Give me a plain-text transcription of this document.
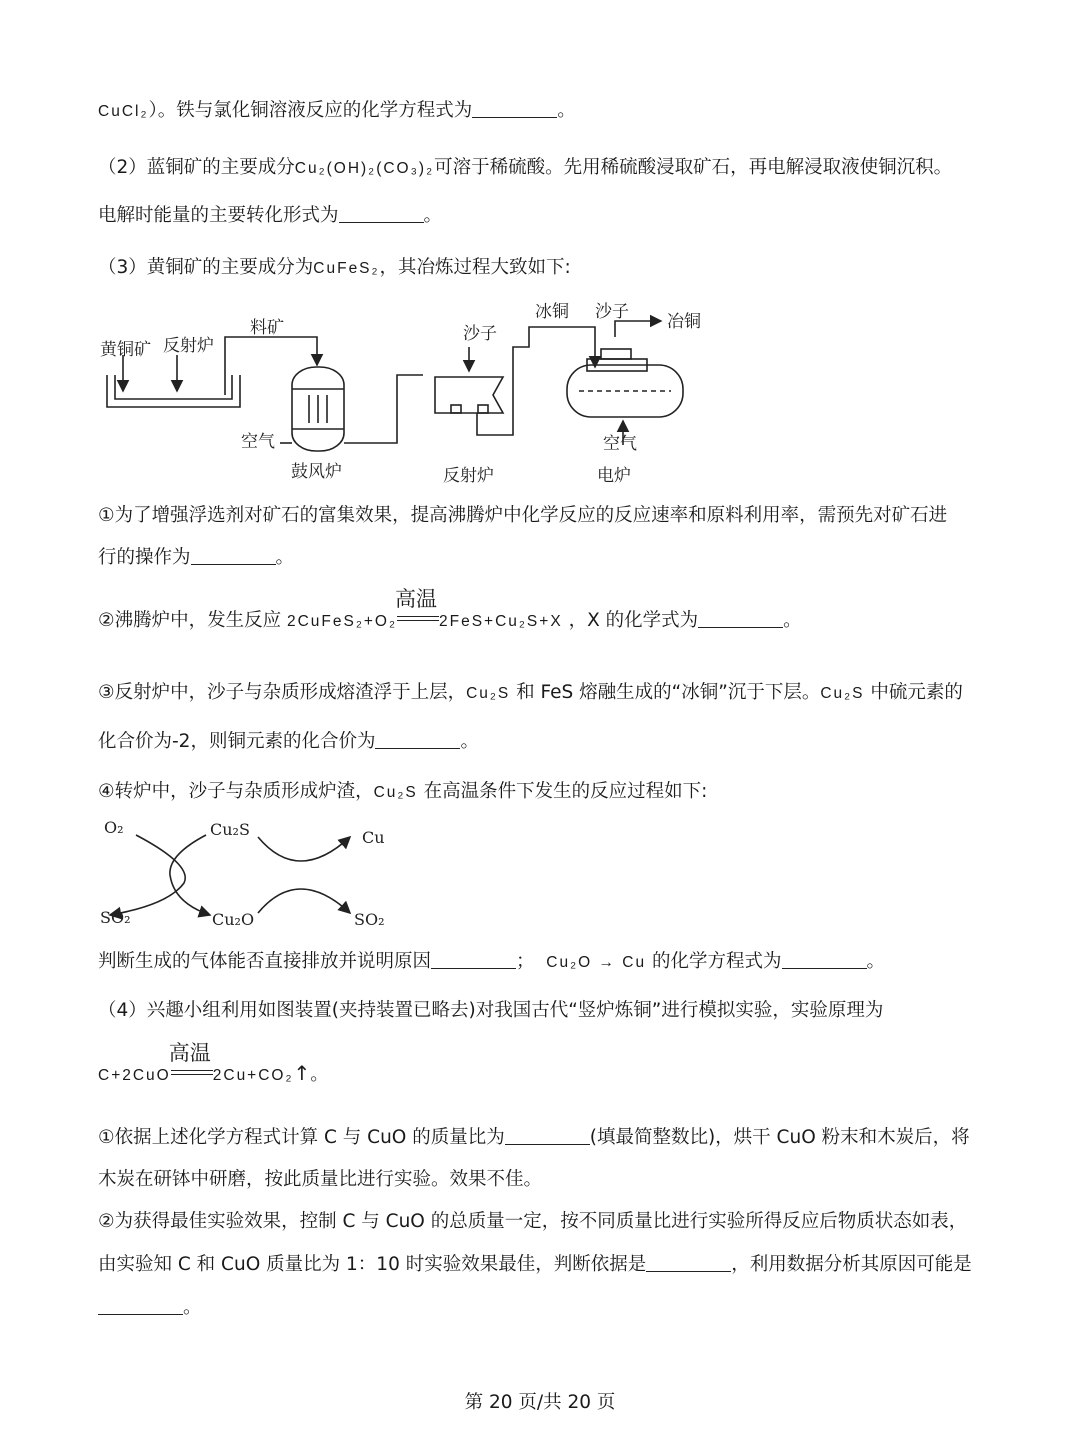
CuCl₂）。铁与氯化铜溶液反应的化学方程式为	。
（2）蓝铜矿的主要成分Cu₂(OH)₂(CO₃)₂可溶于稀硫酸。先用稀硫酸浸取矿石，再电解浸取液使铜沉积。
电解时能量的主要转化形式为	。
（3）黄铜矿的主要成分为CuFeS₂，其冶炼过程大致如下:
黄铜矿 反射炉
料矿
空气
鼓风炉
沙子
反射炉
冰铜 沙子 冶铜
空气
电炉
①为了增强浮选剂对矿石的富集效果，提高沸腾炉中化学反应的反应速率和原料利用率，需预先对矿石进
行的操作为	。
②沸腾炉中，发生反应 2CuFeS₂+O₂
高温
2FeS+Cu₂S+X ，X 的化学式为	。
③反射炉中，沙子与杂质形成熔渣浮于上层，Cu₂S 和 FeS 熔融生成的“冰铜”沉于下层。Cu₂S 中硫元素的
化合价为-2，则铜元素的化合价为	。
④转炉中，沙子与杂质形成炉渣，Cu₂S 在高温条件下发生的反应过程如下:
O₂	Cu₂S	Cu
SO₂	Cu₂O	SO₂
判断生成的气体能否直接排放并说明原因	； Cu₂O → Cu 的化学方程式为	。
（4）兴趣小组利用如图装置(夹持装置已略去)对我国古代“竖炉炼铜”进行模拟实验，实验原理为
C+2CuO
高温
2Cu+CO₂↑。
①依据上述化学方程式计算 C 与 CuO 的质量比为	(填最简整数比)，烘干 CuO 粉末和木炭后，将
木炭在研钵中研磨，按此质量比进行实验。效果不佳。
②为获得最佳实验效果，控制 C 与 CuO 的总质量一定，按不同质量比进行实验所得反应后物质状态如表，
由实验知 C 和 CuO 质量比为 1：10 时实验效果最佳，判断依据是	，利用数据分析其原因可能是
。
第 20 页/共 20 页
